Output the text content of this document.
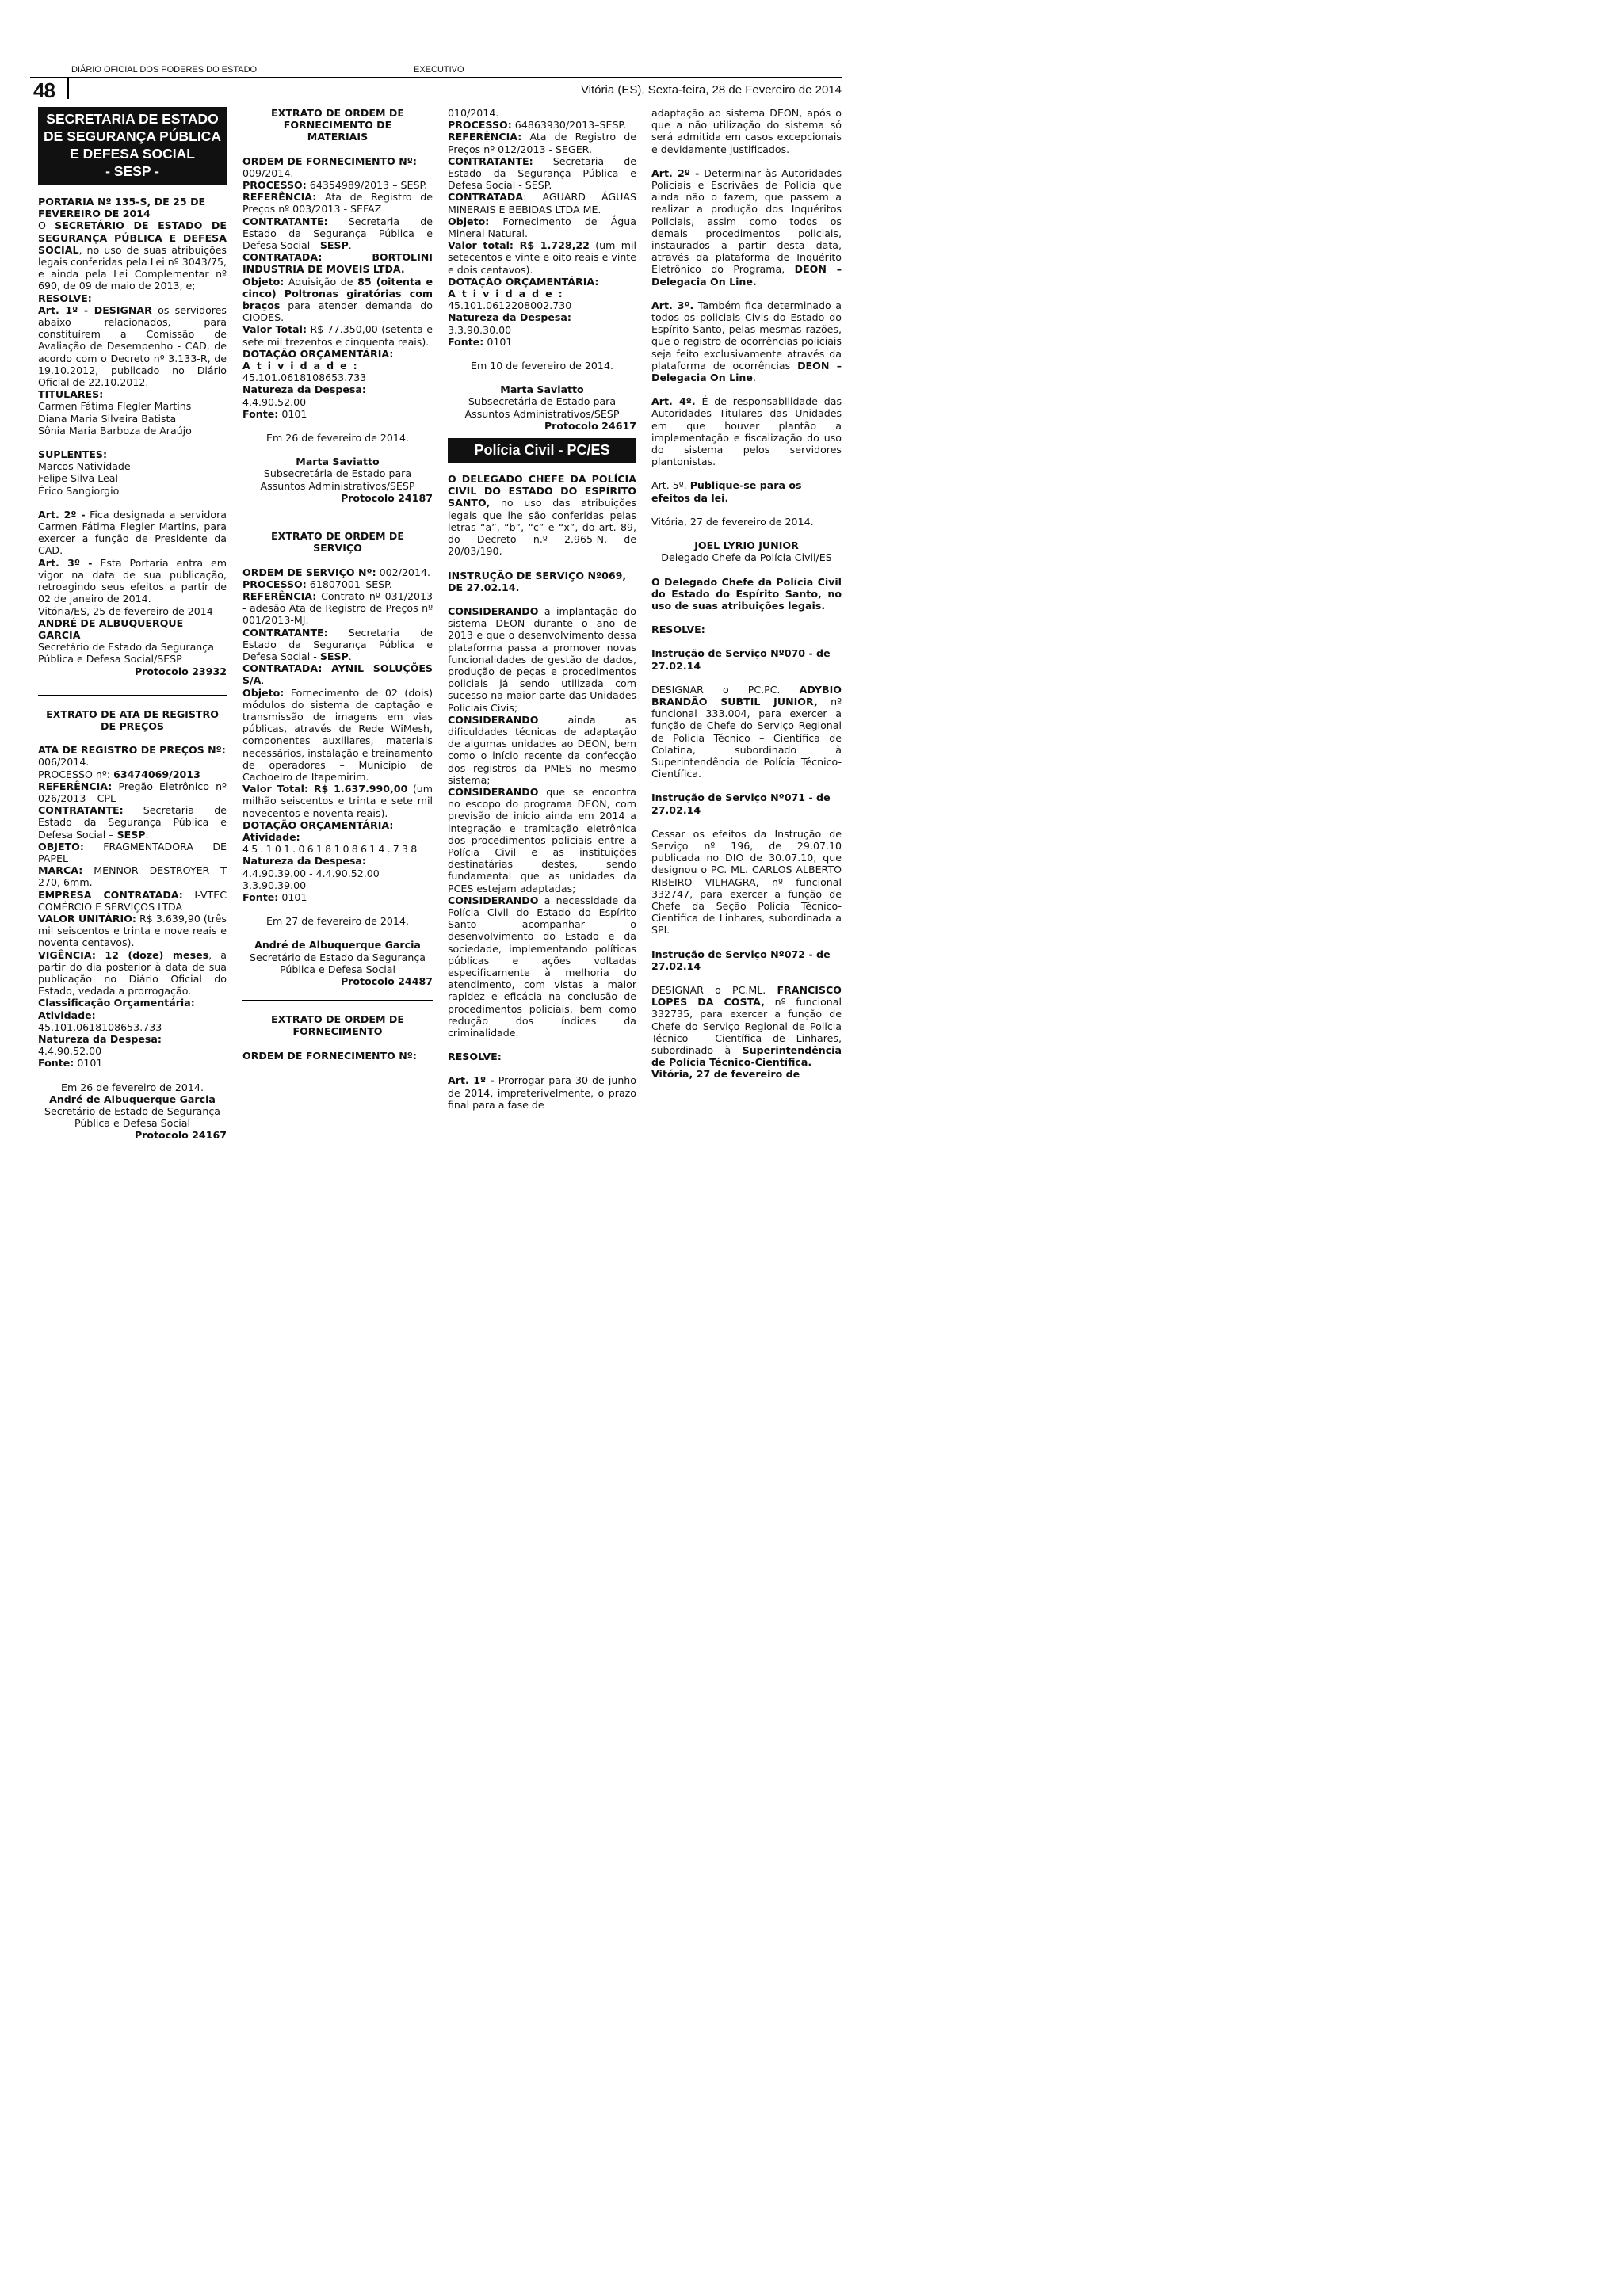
DIÁRIO OFICIAL DOS PODERES DO ESTADO	EXECUTIVO
48	Vitória (ES), Sexta-feira, 28 de Fevereiro de 2014
SECRETARIA DE ESTADO
DE SEGURANÇA PÚBLICA
E DEFESA SOCIAL
- SESP -

PORTARIA Nº 135-S, DE 25 DE
FEVEREIRO DE 2014

O SECRETÁRIO DE ESTADO DE SEGURANÇA PÚBLICA E DEFESA SOCIAL, no uso de suas atribuições legais conferidas pela Lei nº 3043/75, e ainda pela Lei Complementar nº 690, de 09 de maio de 2013, e;

RESOLVE:

Art. 1º - DESIGNAR os servidores abaixo relacionados, para constituírem a Comissão de Avaliação de Desempenho - CAD, de acordo com o Decreto nº 3.133-R, de 19.10.2012, publicado no Diário Oficial de 22.10.2012.

TITULARES:

Carmen Fátima Flegler Martins
Diana Maria Silveira Batista
Sônia Maria Barboza de Araújo

SUPLENTES:

Marcos Natividade
Felipe Silva Leal
Érico Sangiorgio

Art. 2º - Fica designada a servidora Carmen Fátima Flegler Martins, para exercer a função de Presidente da CAD.

Art. 3º - Esta Portaria entra em vigor na data de sua publicação, retroagindo seus efeitos a partir de 02 de janeiro de 2014.

Vitória/ES, 25 de fevereiro de 2014

ANDRÉ DE ALBUQUERQUE
GARCIA

Secretário de Estado da Segurança Pública e Defesa Social/SESP

Protocolo 23932

EXTRATO DE ATA DE REGISTRO
DE PREÇOS

ATA DE REGISTRO DE PREÇOS Nº: 006/2014.

PROCESSO nº: 63474069/2013

REFERÊNCIA: Pregão Eletrônico nº 026/2013 – CPL

CONTRATANTE: Secretaria de Estado da Segurança Pública e Defesa Social – SESP.

OBJETO: FRAGMENTADORA DE PAPEL

MARCA: MENNOR DESTROYER T 270, 6mm.

EMPRESA CONTRATADA: I-VTEC COMÉRCIO E SERVIÇOS LTDA

VALOR UNITÁRIO: R$ 3.639,90 (três mil seiscentos e trinta e nove reais e noventa centavos).

VIGÊNCIA: 12 (doze) meses, a partir do dia posterior à data de sua publicação no Diário Oficial do Estado, vedada a prorrogação.

Classificação Orçamentária:

Atividade:
45.101.0618108653.733

Natureza da Despesa:
4.4.90.52.00

Fonte: 0101

Em 26 de fevereiro de 2014.

André de Albuquerque Garcia

Secretário de Estado de Segurança Pública e Defesa Social

Protocolo 24167

EXTRATO DE ORDEM DE
FORNECIMENTO DE
MATERIAIS

ORDEM DE FORNECIMENTO Nº: 009/2014.

PROCESSO: 64354989/2013 – SESP.

REFERÊNCIA: Ata de Registro de Preços nº 003/2013 - SEFAZ

CONTRATANTE: Secretaria de Estado da Segurança Pública e Defesa Social - SESP.

CONTRATADA: BORTOLINI INDUSTRIA DE MOVEIS LTDA.

Objeto: Aquisição de 85 (oitenta e cinco) Poltronas giratórias com braços para atender demanda do CIODES.

Valor Total: R$ 77.350,00 (setenta e sete mil trezentos e cinquenta reais).

DOTAÇÃO ORÇAMENTÁRIA:

Atividade:
45.101.0618108653.733

Natureza da Despesa:
4.4.90.52.00

Fonte: 0101

Em 26 de fevereiro de 2014.

Marta Saviatto

Subsecretária de Estado para Assuntos Administrativos/SESP

Protocolo 24187

EXTRATO DE ORDEM DE
SERVIÇO

ORDEM DE SERVIÇO Nº: 002/2014.

PROCESSO: 61807001–SESP.

REFERÊNCIA: Contrato nº 031/2013 - adesão Ata de Registro de Preços nº 001/2013-MJ.

CONTRATANTE: Secretaria de Estado da Segurança Pública e Defesa Social - SESP.

CONTRATADA: AYNIL SOLUÇÕES S/A.

Objeto: Fornecimento de 02 (dois) módulos do sistema de captação e transmissão de imagens em vias públicas, através de Rede WiMesh, componentes auxiliares, materiais necessários, instalação e treinamento de operadores – Município de Cachoeiro de Itapemirim.

Valor Total: R$ 1.637.990,00 (um milhão seiscentos e trinta e sete mil novecentos e noventa reais).

DOTAÇÃO ORÇAMENTÁRIA:

Atividade:
45.101.0618108614.738

Natureza da Despesa:
4.4.90.39.00 - 4.4.90.52.00
3.3.90.39.00

Fonte: 0101

Em 27 de fevereiro de 2014.

André de Albuquerque Garcia

Secretário de Estado da Segurança Pública e Defesa Social

Protocolo 24487

EXTRATO DE ORDEM DE
FORNECIMENTO

ORDEM DE FORNECIMENTO Nº:

010/2014.

PROCESSO: 64863930/2013–SESP.

REFERÊNCIA: Ata de Registro de Preços nº 012/2013 - SEGER.

CONTRATANTE: Secretaria de Estado da Segurança Pública e Defesa Social - SESP.

CONTRATADA: AGUARD ÁGUAS MINERAIS E BEBIDAS LTDA ME.

Objeto: Fornecimento de Água Mineral Natural.

Valor total: R$ 1.728,22 (um mil setecentos e vinte e oito reais e vinte e dois centavos).

DOTAÇÃO ORÇAMENTÁRIA:

Atividade:
45.101.0612208002.730

Natureza da Despesa:
3.3.90.30.00

Fonte: 0101

Em 10 de fevereiro de 2014.

Marta Saviatto

Subsecretária de Estado para Assuntos Administrativos/SESP

Protocolo 24617

Polícia Civil - PC/ES

O DELEGADO CHEFE DA POLÍCIA CIVIL DO ESTADO DO ESPÍRITO SANTO, no uso das atribuições legais que lhe são conferidas pelas letras “a”, “b”, “c” e “x”, do art. 89, do Decreto n.º 2.965-N, de 20/03/190.

INSTRUÇÃO DE SERVIÇO Nº069, DE 27.02.14.

CONSIDERANDO a implantação do sistema DEON durante o ano de 2013 e que o desenvolvimento dessa plataforma passa a promover novas funcionalidades de gestão de dados, produção de peças e procedimentos policiais já sendo utilizada com sucesso na maior parte das Unidades Policiais Civis;

CONSIDERANDO ainda as dificuldades técnicas de adaptação de algumas unidades ao DEON, bem como o início recente da confecção dos registros da PMES no mesmo sistema;

CONSIDERANDO que se encontra no escopo do programa DEON, com previsão de início ainda em 2014 a integração e tramitação eletrônica dos procedimentos policiais entre a Polícia Civil e as instituições destinatárias destes, sendo fundamental que as unidades da PCES estejam adaptadas;

CONSIDERANDO a necessidade da Polícia Civil do Estado do Espírito Santo acompanhar o desenvolvimento do Estado e da sociedade, implementando políticas públicas e ações voltadas especificamente à melhoria do atendimento, com vistas a maior rapidez e eficácia na conclusão de procedimentos policiais, bem como redução dos índices da criminalidade.

RESOLVE:

Art. 1º - Prorrogar para 30 de junho de 2014, impreterivelmente, o prazo final para a fase de

adaptação ao sistema DEON, após o que a não utilização do sistema só será admitida em casos excepcionais e devidamente justificados.

Art. 2º - Determinar às Autoridades Policiais e Escrivães de Polícia que ainda não o fazem, que passem a realizar a produção dos Inquéritos Policiais, assim como todos os demais procedimentos policiais, instaurados a partir desta data, através da plataforma de Inquérito Eletrônico do Programa, DEON – Delegacia On Line.

Art. 3º. Também fica determinado a todos os policiais Civis do Estado do Espírito Santo, pelas mesmas razões, que o registro de ocorrências policiais seja feito exclusivamente através da plataforma de ocorrências DEON – Delegacia On Line.

Art. 4º. É de responsabilidade das Autoridades Titulares das Unidades em que houver plantão a implementação e fiscalização do uso do sistema pelos servidores plantonistas.

Art. 5º. Publique-se para os efeitos da lei.

Vitória, 27 de fevereiro de 2014.

JOEL LYRIO JUNIOR

Delegado Chefe da Polícia Civil/ES

O Delegado Chefe da Polícia Civil do Estado do Espírito Santo, no uso de suas atribuições legais.

RESOLVE:

Instrução de Serviço Nº070 - de 27.02.14

DESIGNAR o PC.PC. ADYBIO BRANDÃO SUBTIL JUNIOR, nº funcional 333.004, para exercer a função de Chefe do Serviço Regional de Policia Técnico – Científica de Colatina, subordinado à Superintendência de Polícia Técnico-Científica.

Instrução de Serviço Nº071 - de 27.02.14

Cessar os efeitos da Instrução de Serviço nº 196, de 29.07.10 publicada no DIO de 30.07.10, que designou o PC. ML. CARLOS ALBERTO RIBEIRO VILHAGRA, nº funcional 332747, para exercer a função de Chefe da Seção Polícia Técnico-Cientifica de Linhares, subordinada a SPI.

Instrução de Serviço Nº072 - de 27.02.14

DESIGNAR o PC.ML. FRANCISCO LOPES DA COSTA, nº funcional 332735, para exercer a função de Chefe do Serviço Regional de Policia Técnico – Científica de Linhares, subordinado à Superintendência de Polícia Técnico-Científica.

Vitória, 27 de fevereiro de
